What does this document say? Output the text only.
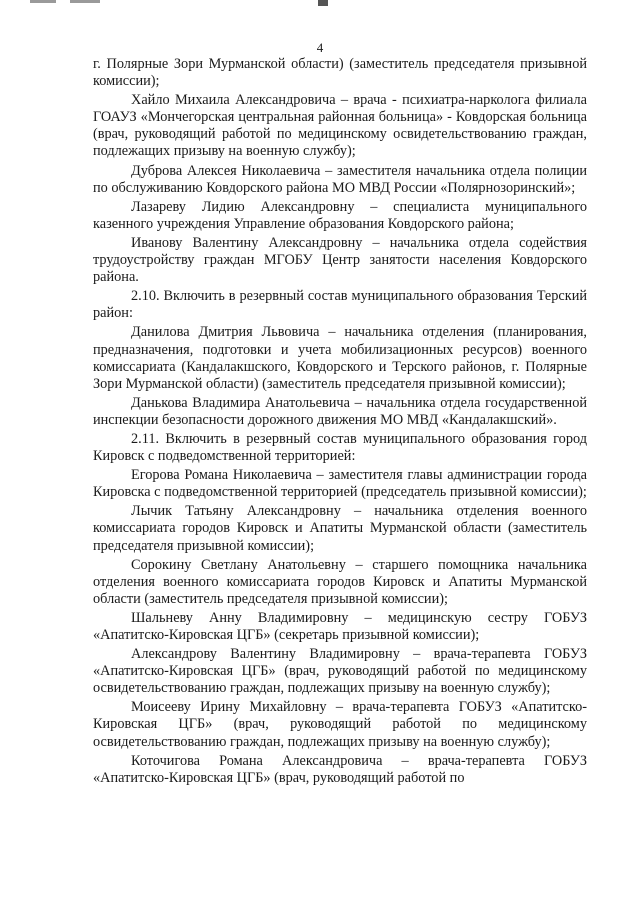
4

г. Полярные Зори Мурманской области) (заместитель председателя призывной комиссии);

Хайло Михаила Александровича – врача - психиатра-нарколога филиала ГОАУЗ «Мончегорская центральная районная больница» - Ковдорская больница (врач, руководящий работой по медицинскому освидетельствованию граждан, подлежащих призыву на военную службу);

Дуброва Алексея Николаевича – заместителя начальника отдела полиции по обслуживанию Ковдорского района МО МВД России «Полярнозоринский»;

Лазареву Лидию Александровну – специалиста муниципального казенного учреждения Управление образования Ковдорского района;

Иванову Валентину Александровну – начальника отдела содействия трудоустройству граждан МГОБУ Центр занятости населения Ковдорского района.

2.10. Включить в резервный состав муниципального образования Терский район:

Данилова Дмитрия Львовича – начальника отделения (планирования, предназначения, подготовки и учета мобилизационных ресурсов) военного комиссариата (Кандалакшского, Ковдорского и Терского районов, г. Полярные Зори Мурманской области) (заместитель председателя призывной комиссии);

Данькова Владимира Анатольевича – начальника отдела государственной инспекции безопасности дорожного движения МО МВД «Кандалакшский».

2.11. Включить в резервный состав муниципального образования город Кировск с подведомственной территорией:

Егорова Романа Николаевича – заместителя главы администрации города Кировска с подведомственной территорией (председатель призывной комиссии);

Лычик Татьяну Александровну – начальника отделения военного комиссариата городов Кировск и Апатиты Мурманской области (заместитель председателя призывной комиссии);

Сорокину Светлану Анатольевну – старшего помощника начальника отделения военного комиссариата городов Кировск и Апатиты Мурманской области (заместитель председателя призывной комиссии);

Шальневу Анну Владимировну – медицинскую сестру ГОБУЗ «Апатитско-Кировская ЦГБ» (секретарь призывной комиссии);

Александрову Валентину Владимировну – врача-терапевта ГОБУЗ «Апатитско-Кировская ЦГБ» (врач, руководящий работой по медицинскому освидетельствованию граждан, подлежащих призыву на военную службу);

Моисееву Ирину Михайловну – врача-терапевта ГОБУЗ «Апатитско-Кировская ЦГБ» (врач, руководящий работой по медицинскому освидетельствованию граждан, подлежащих призыву на военную службу);

Коточигова Романа Александровича – врача-терапевта ГОБУЗ «Апатитско-Кировская ЦГБ» (врач, руководящий работой по
